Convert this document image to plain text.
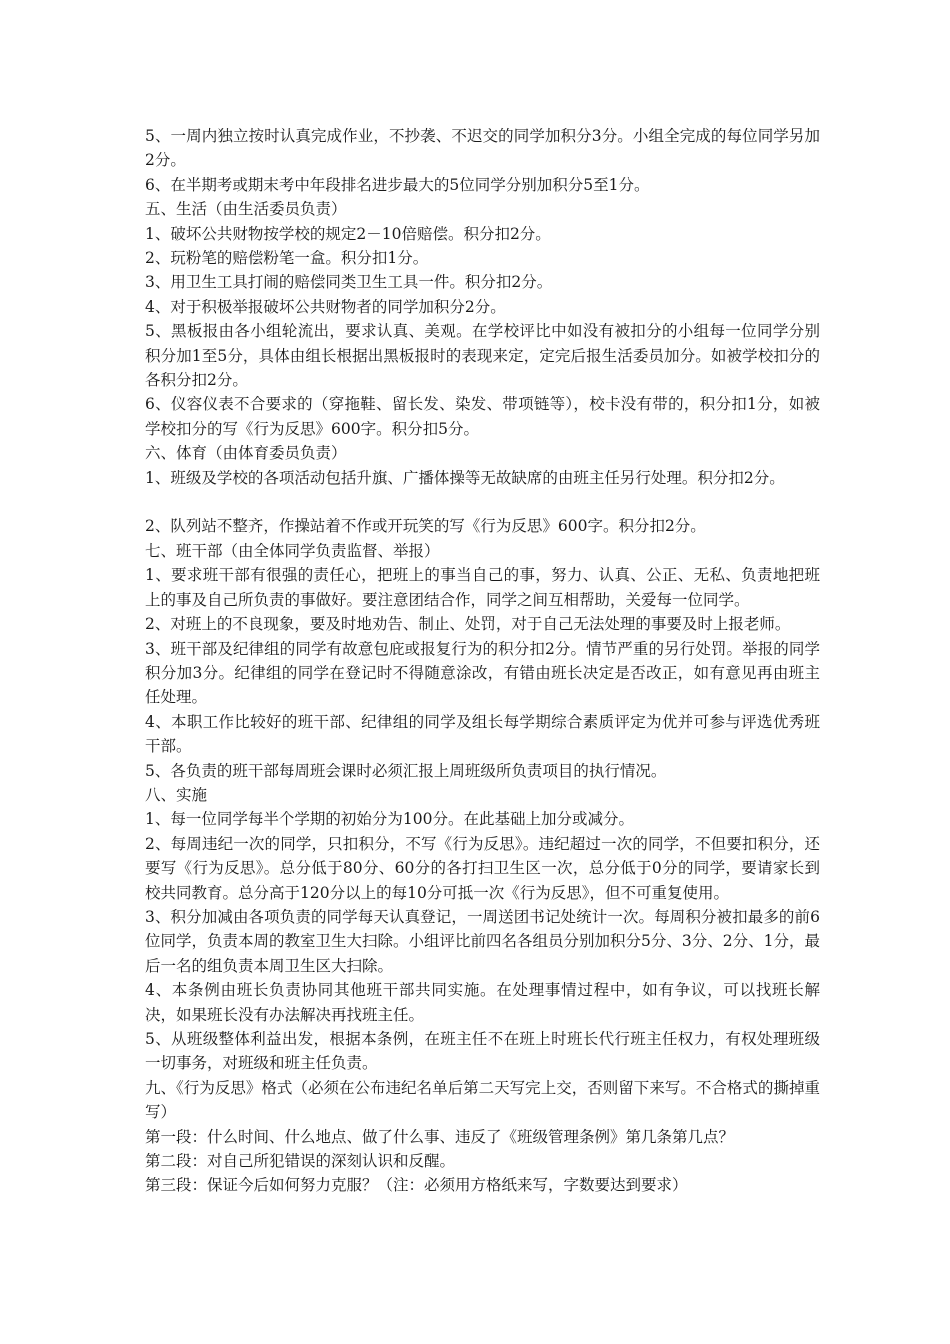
5、一周内独立按时认真完成作业，不抄袭、不迟交的同学加积分3分。小组全完成的每位同学另加2分。

6、在半期考或期末考中年段排名进步最大的5位同学分别加积分5至1分。

五、生活（由生活委员负责）

1、破坏公共财物按学校的规定2－10倍赔偿。积分扣2分。

2、玩粉笔的赔偿粉笔一盒。积分扣1分。

3、用卫生工具打闹的赔偿同类卫生工具一件。积分扣2分。

4、对于积极举报破坏公共财物者的同学加积分2分。

5、黑板报由各小组轮流出，要求认真、美观。在学校评比中如没有被扣分的小组每一位同学分别积分加1至5分，具体由组长根据出黑板报时的表现来定，定完后报生活委员加分。如被学校扣分的各积分扣2分。

6、仪容仪表不合要求的（穿拖鞋、留长发、染发、带项链等），校卡没有带的，积分扣1分，如被学校扣分的写《行为反思》600字。积分扣5分。

六、体育（由体育委员负责）

1、班级及学校的各项活动包括升旗、广播体操等无故缺席的由班主任另行处理。积分扣2分。

2、队列站不整齐，作操站着不作或开玩笑的写《行为反思》600字。积分扣2分。

七、班干部（由全体同学负责监督、举报）

1、要求班干部有很强的责任心，把班上的事当自己的事，努力、认真、公正、无私、负责地把班上的事及自己所负责的事做好。要注意团结合作，同学之间互相帮助，关爱每一位同学。

2、对班上的不良现象，要及时地劝告、制止、处罚，对于自己无法处理的事要及时上报老师。

3、班干部及纪律组的同学有故意包庇或报复行为的积分扣2分。情节严重的另行处罚。举报的同学积分加3分。纪律组的同学在登记时不得随意涂改，有错由班长决定是否改正，如有意见再由班主任处理。

4、本职工作比较好的班干部、纪律组的同学及组长每学期综合素质评定为优并可参与评选优秀班干部。

5、各负责的班干部每周班会课时必须汇报上周班级所负责项目的执行情况。

八、实施

1、每一位同学每半个学期的初始分为100分。在此基础上加分或减分。

2、每周违纪一次的同学，只扣积分，不写《行为反思》。违纪超过一次的同学，不但要扣积分，还要写《行为反思》。总分低于80分、60分的各打扫卫生区一次，总分低于0分的同学，要请家长到校共同教育。总分高于120分以上的每10分可抵一次《行为反思》，但不可重复使用。

3、积分加减由各项负责的同学每天认真登记，一周送团书记处统计一次。每周积分被扣最多的前6位同学，负责本周的教室卫生大扫除。小组评比前四名各组员分别加积分5分、3分、2分、1分，最后一名的组负责本周卫生区大扫除。

4、本条例由班长负责协同其他班干部共同实施。在处理事情过程中，如有争议，可以找班长解决，如果班长没有办法解决再找班主任。

5、从班级整体利益出发，根据本条例，在班主任不在班上时班长代行班主任权力，有权处理班级一切事务，对班级和班主任负责。

九、《行为反思》格式（必须在公布违纪名单后第二天写完上交，否则留下来写。不合格式的撕掉重写）

第一段：什么时间、什么地点、做了什么事、违反了《班级管理条例》第几条第几点？

第二段：对自己所犯错误的深刻认识和反醒。

第三段：保证今后如何努力克服？（注：必须用方格纸来写，字数要达到要求）
